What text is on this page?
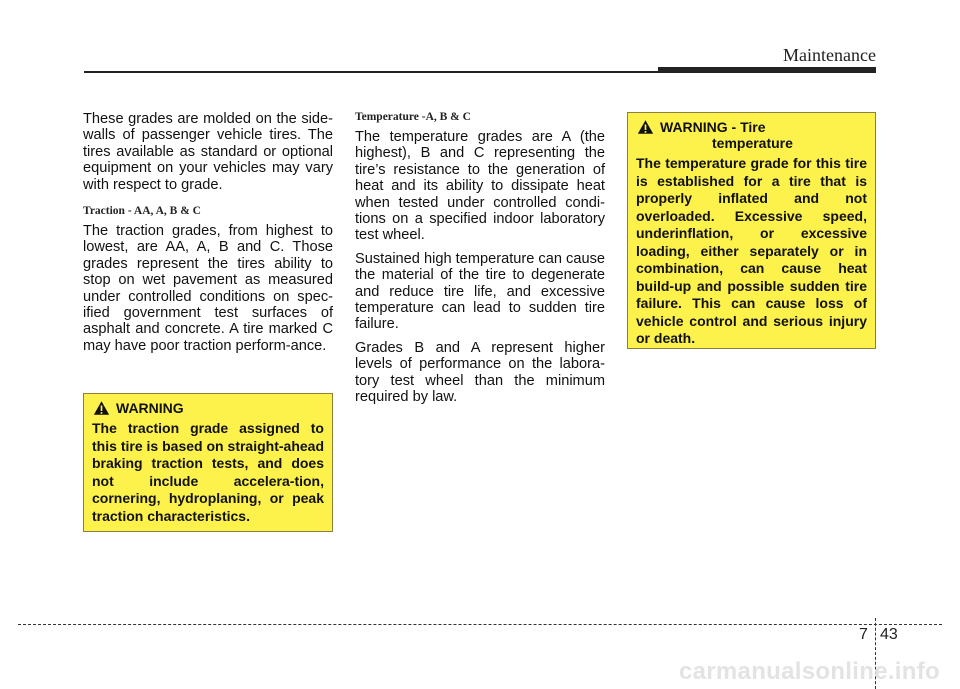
Maintenance

These grades are molded on the side-walls of passenger vehicle tires. The tires available as standard or optional equipment on your vehicles may vary with respect to grade.

Traction - AA, A, B & C

The traction grades, from highest to lowest, are AA, A, B and C. Those grades represent the tires ability to stop on wet pavement as measured under controlled conditions on spec-ified government test surfaces of asphalt and concrete. A tire marked C may have poor traction perform-ance.

Temperature -A, B & C

The temperature grades are A (the highest), B and C representing the tire’s resistance to the generation of heat and its ability to dissipate heat when tested under controlled condi-tions on a specified indoor laboratory test wheel.

Sustained high temperature can cause the material of the tire to degenerate and reduce tire life, and excessive temperature can lead to sudden tire failure.

Grades B and A represent higher levels of performance on the labora-tory test wheel than the minimum required by law.

WARNING

The traction grade assigned to this tire is based on straight-ahead braking traction tests, and does not include accelera-tion, cornering, hydroplaning, or peak traction characteristics.

WARNING - Tire
temperature

The temperature grade for this tire is established for a tire that is properly inflated and not overloaded. Excessive speed, underinflation, or excessive loading, either separately or in combination, can cause heat build-up and possible sudden tire failure. This can cause loss of vehicle control and serious injury or death.

7 43
carmanualsonline.info
